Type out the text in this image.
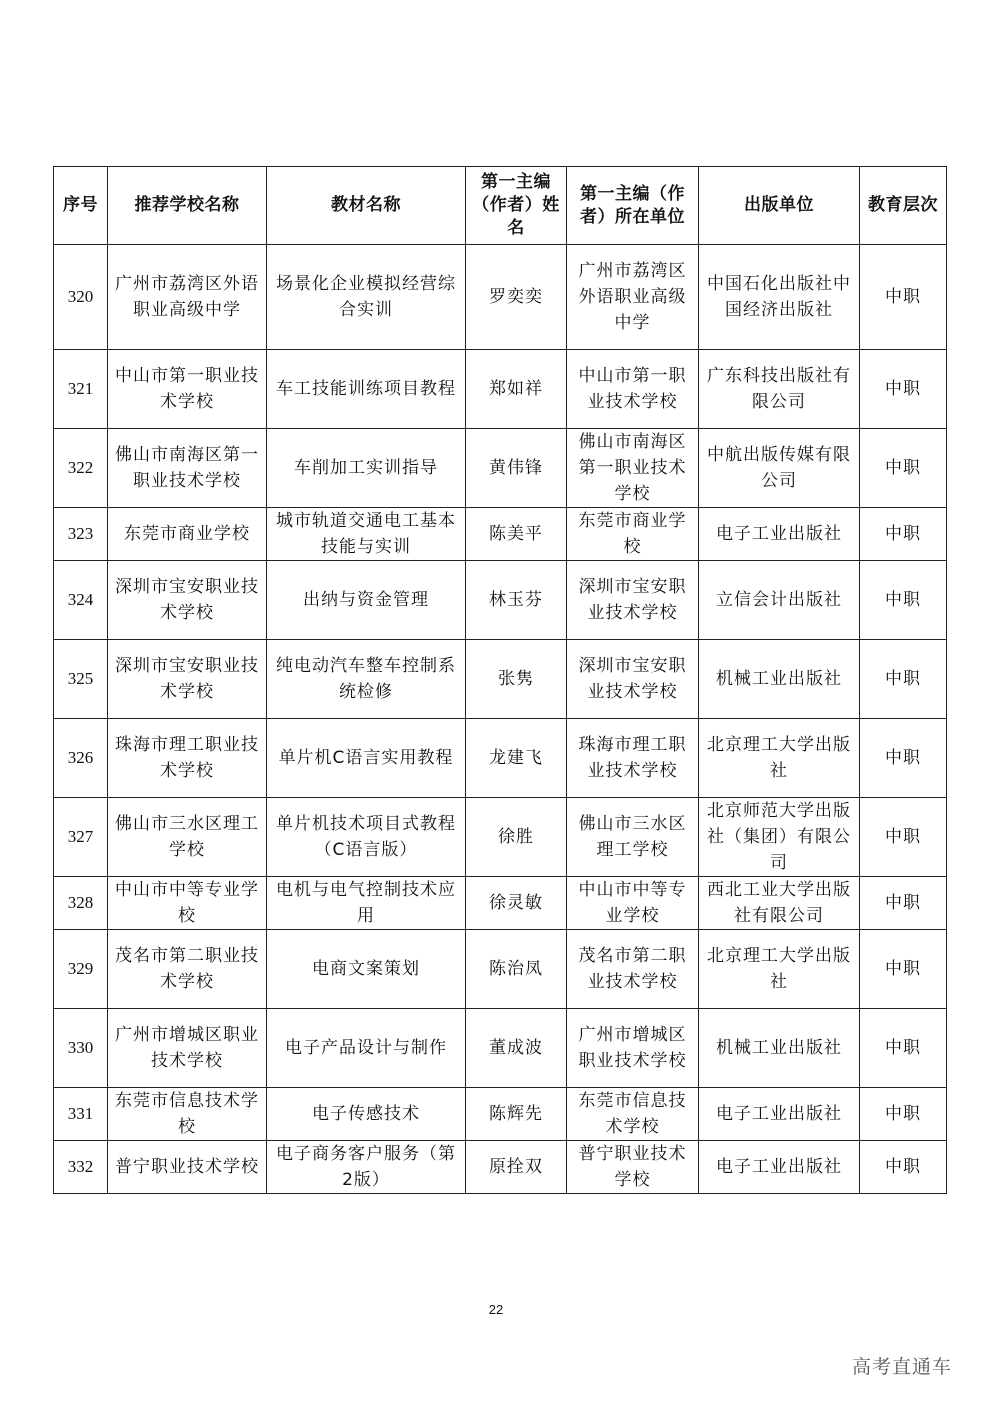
序号	推荐学校名称	教材名称	第一主编（作者）姓名	第一主编（作者）所在单位	出版单位	教育层次
320	广州市荔湾区外语职业高级中学	场景化企业模拟经营综合实训	罗奕奕	广州市荔湾区外语职业高级中学	中国石化出版社中国经济出版社	中职
321	中山市第一职业技术学校	车工技能训练项目教程	郑如祥	中山市第一职业技术学校	广东科技出版社有限公司	中职
322	佛山市南海区第一职业技术学校	车削加工实训指导	黄伟锋	佛山市南海区第一职业技术学校	中航出版传媒有限公司	中职
323	东莞市商业学校	城市轨道交通电工基本技能与实训	陈美平	东莞市商业学校	电子工业出版社	中职
324	深圳市宝安职业技术学校	出纳与资金管理	林玉芬	深圳市宝安职业技术学校	立信会计出版社	中职
325	深圳市宝安职业技术学校	纯电动汽车整车控制系统检修	张隽	深圳市宝安职业技术学校	机械工业出版社	中职
326	珠海市理工职业技术学校	单片机C语言实用教程	龙建飞	珠海市理工职业技术学校	北京理工大学出版社	中职
327	佛山市三水区理工学校	单片机技术项目式教程（C语言版）	徐胜	佛山市三水区理工学校	北京师范大学出版社（集团）有限公司	中职
328	中山市中等专业学校	电机与电气控制技术应用	徐灵敏	中山市中等专业学校	西北工业大学出版社有限公司	中职
329	茂名市第二职业技术学校	电商文案策划	陈治凤	茂名市第二职业技术学校	北京理工大学出版社	中职
330	广州市增城区职业技术学校	电子产品设计与制作	董成波	广州市增城区职业技术学校	机械工业出版社	中职
331	东莞市信息技术学校	电子传感技术	陈辉先	东莞市信息技术学校	电子工业出版社	中职
332	普宁职业技术学校	电子商务客户服务（第2版）	原拴双	普宁职业技术学校	电子工业出版社	中职
22
高考直通车
